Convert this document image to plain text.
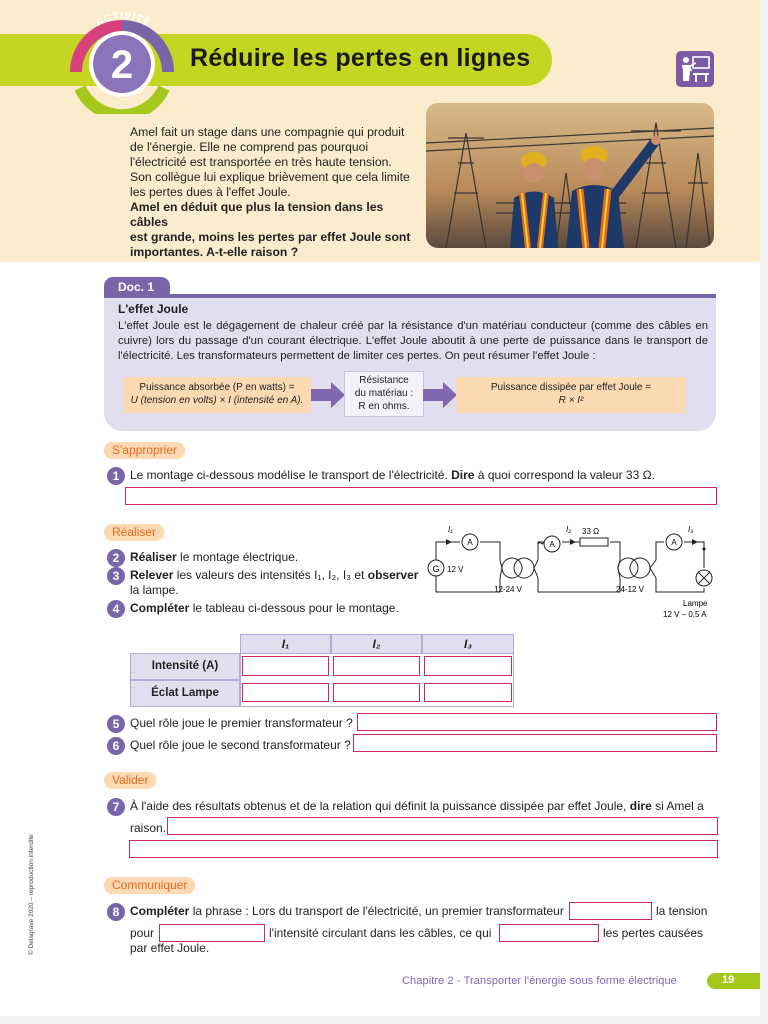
Réduire les pertes en lignes
2
ACTIVITÉ
Amel fait un stage dans une compagnie qui produit
de l'énergie. Elle ne comprend pas pourquoi
l'électricité est transportée en très haute tension.
Son collègue lui explique brièvement que cela limite
les pertes dues à l'effet Joule.
Amel en déduit que plus la tension dans les câbles
est grande, moins les pertes par effet Joule sont
importantes. A-t-elle raison ?
Doc. 1
L'effet Joule
L'effet Joule est le dégagement de chaleur créé par la résistance d'un matériau conducteur (comme des câbles en cuivre) lors du passage d'un courant électrique. L'effet Joule aboutit à une perte de puissance dans le transport de l'électricité. Les transformateurs permettent de limiter ces pertes. On peut résumer l'effet Joule :
Puissance absorbée (P en watts) =
U (tension en volts) × I (intensité en A).
Résistance
du matériau :
R en ohms.
Puissance dissipée par effet Joule =
R × I²
S'approprier
1 Le montage ci-dessous modélise le transport de l'électricité. Dire à quoi correspond la valeur 33 Ω.
Réaliser
2 Réaliser le montage électrique.
3 Relever les valeurs des intensités I₁, I₂, I₃ et observer la lampe.
4 Compléter le tableau ci-dessous pour le montage.
G 12 V
A	A	A
33 Ω
12-24 V	24-12 V
Lampe
12 V – 0,5 A
I₁	I₂	I₃
I₁	I₂	I₃
Intensité (A)
Éclat Lampe
5 Quel rôle joue le premier transformateur ?
6 Quel rôle joue le second transformateur ?
Valider
7 À l'aide des résultats obtenus et de la relation qui définit la puissance dissipée par effet Joule, dire si Amel a
raison.
Communiquer
8 Compléter la phrase : Lors du transport de l'électricité, un premier transformateur	la tension
pour	l'intensité circulant dans les câbles, ce qui	les pertes causées
par effet Joule.
© Delagrave 2020 – reproduction interdite
Chapitre 2 - Transporter l'énergie sous forme électrique	19
